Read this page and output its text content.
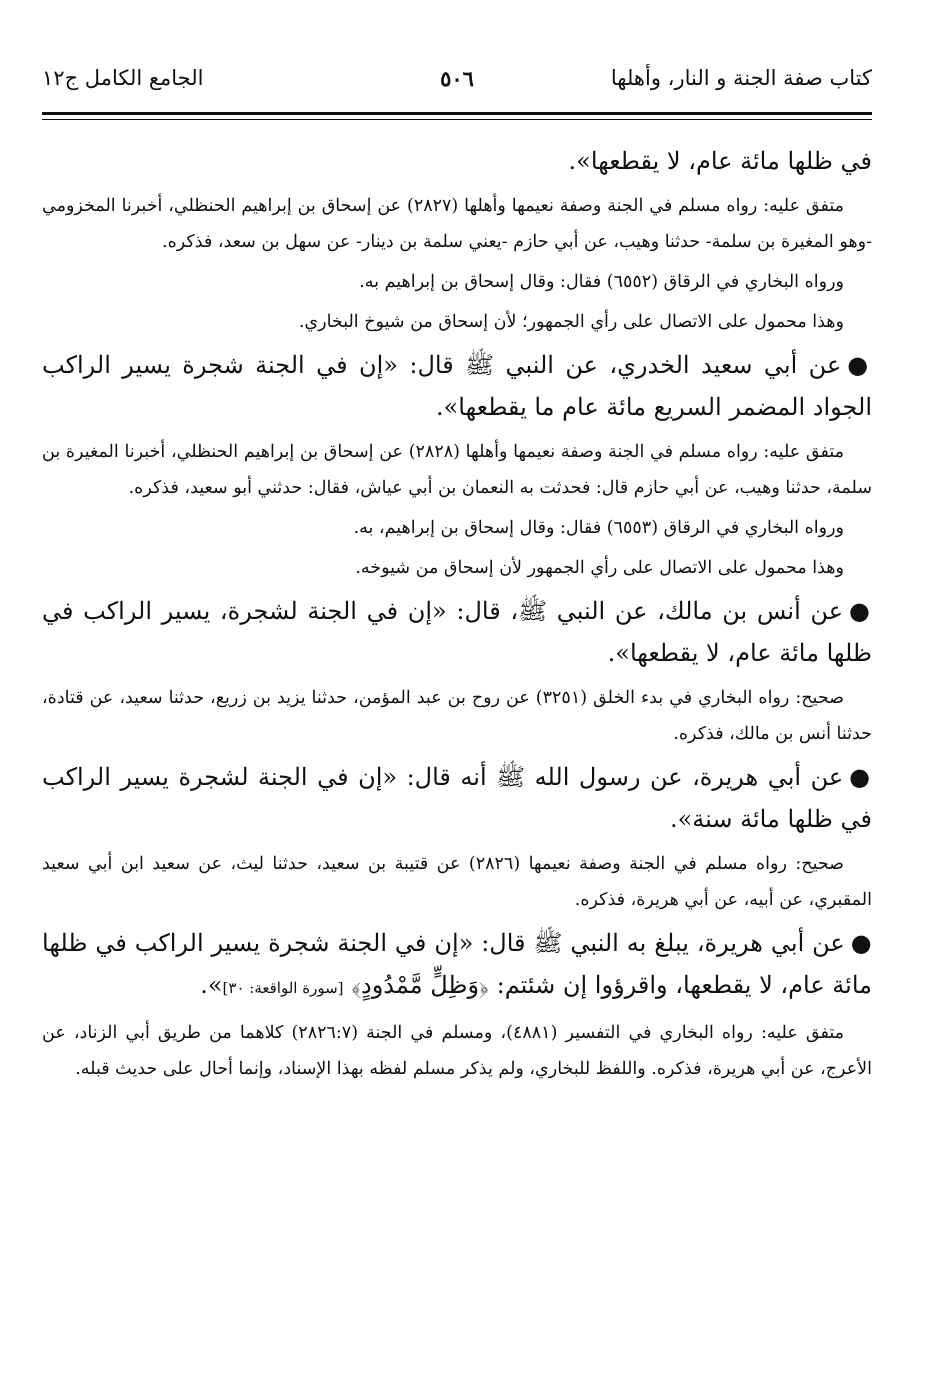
كتاب صفة الجنة و النار، وأهلها
٥٠٦
الجامع الكامل ج١٢

في ظلها مائة عام، لا يقطعها».

متفق عليه: رواه مسلم في الجنة وصفة نعيمها وأهلها (٢٨٢٧) عن إسحاق بن إبراهيم الحنظلي، أخبرنا المخزومي -وهو المغيرة بن سلمة- حدثنا وهيب، عن أبي حازم -يعني سلمة بن دينار- عن سهل بن سعد، فذكره.

ورواه البخاري في الرقاق (٦٥٥٢) فقال: وقال إسحاق بن إبراهيم به.

وهذا محمول على الاتصال على رأي الجمهور؛ لأن إسحاق من شيوخ البخاري.

●عن أبي سعيد الخدري، عن النبي ﷺ قال: «إن في الجنة شجرة يسير الراكب الجواد المضمر السريع مائة عام ما يقطعها».

متفق عليه: رواه مسلم في الجنة وصفة نعيمها وأهلها (٢٨٢٨) عن إسحاق بن إبراهيم الحنظلي، أخبرنا المغيرة بن سلمة، حدثنا وهيب، عن أبي حازم قال: فحدثت به النعمان بن أبي عياش، فقال: حدثني أبو سعيد، فذكره.

ورواه البخاري في الرقاق (٦٥٥٣) فقال: وقال إسحاق بن إبراهيم، به.

وهذا محمول على الاتصال على رأي الجمهور لأن إسحاق من شيوخه.

●عن أنس بن مالك، عن النبي ﷺ، قال: «إن في الجنة لشجرة، يسير الراكب في ظلها مائة عام، لا يقطعها».

صحيح: رواه البخاري في بدء الخلق (٣٢٥١) عن روح بن عبد المؤمن، حدثنا يزيد بن زريع، حدثنا سعيد، عن قتادة، حدثنا أنس بن مالك، فذكره.

●عن أبي هريرة، عن رسول الله ﷺ أنه قال: «إن في الجنة لشجرة يسير الراكب في ظلها مائة سنة».

صحيح: رواه مسلم في الجنة وصفة نعيمها (٢٨٢٦) عن قتيبة بن سعيد، حدثنا ليث، عن سعيد ابن أبي سعيد المقبري، عن أبيه، عن أبي هريرة، فذكره.

●عن أبي هريرة، يبلغ به النبي ﷺ قال: «إن في الجنة شجرة يسير الراكب في ظلها مائة عام، لا يقطعها، واقرؤوا إن شئتم: ﴿وَظِلٍّ مَّمْدُودٍ﴾ [سورة الواقعة: ٣٠]».

متفق عليه: رواه البخاري في التفسير (٤٨٨١)، ومسلم في الجنة (٢٨٢٦:٧) كلاهما من طريق أبي الزناد، عن الأعرج، عن أبي هريرة، فذكره. واللفظ للبخاري، ولم يذكر مسلم لفظه بهذا الإسناد، وإنما أحال على حديث قبله.
